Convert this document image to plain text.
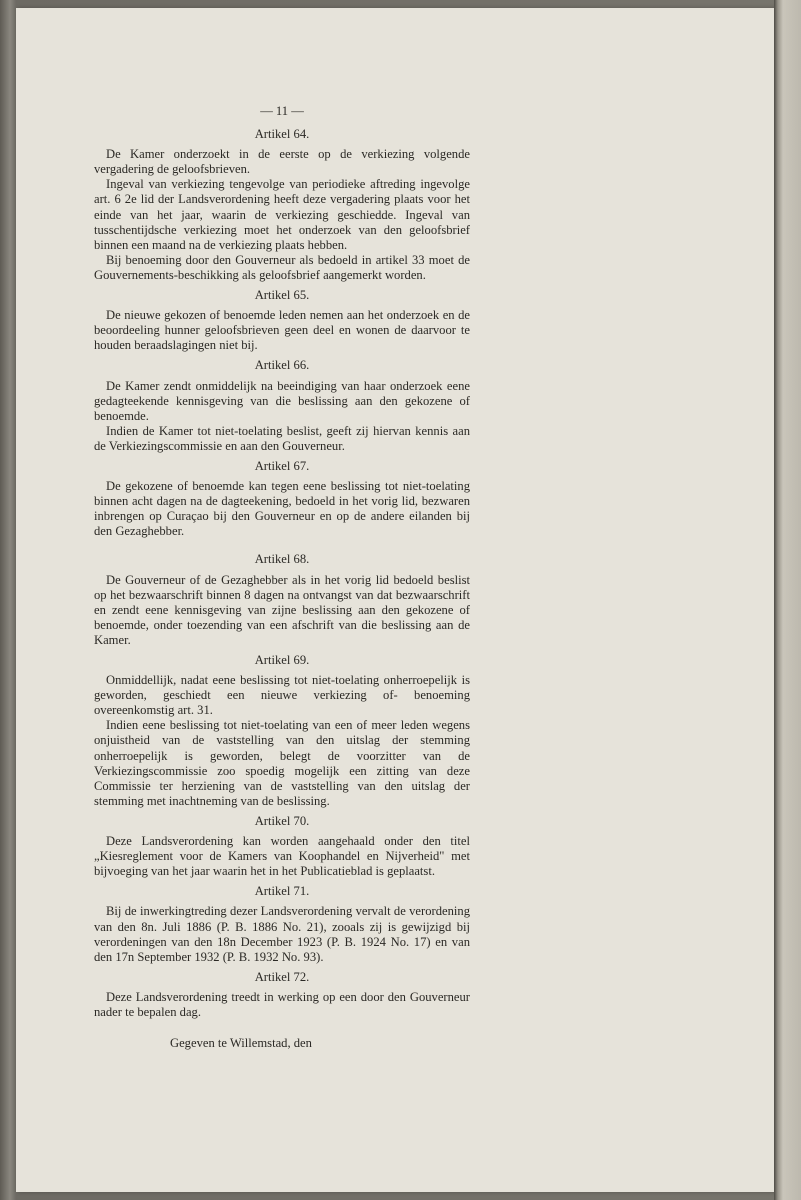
— 11 —
Artikel 64.

De Kamer onderzoekt in de eerste op de verkiezing volgende vergadering de geloofsbrieven.

Ingeval van verkiezing tengevolge van periodieke aftreding ingevolge art. 6 2e lid der Landsverordening heeft deze vergadering plaats voor het einde van het jaar, waarin de verkiezing geschiedde. Ingeval van tusschentijdsche verkiezing moet het onderzoek van den geloofsbrief binnen een maand na de verkiezing plaats hebben.

Bij benoeming door den Gouverneur als bedoeld in artikel 33 moet de Gouvernements-beschikking als geloofsbrief aangemerkt worden.

Artikel 65.

De nieuwe gekozen of benoemde leden nemen aan het onderzoek en de beoordeeling hunner geloofsbrieven geen deel en wonen de daarvoor te houden beraadslagingen niet bij.

Artikel 66.

De Kamer zendt onmiddelijk na beeindiging van haar onderzoek eene gedagteekende kennisgeving van die beslissing aan den gekozene of benoemde.

Indien de Kamer tot niet-toelating beslist, geeft zij hiervan kennis aan de Verkiezingscommissie en aan den Gouverneur.

Artikel 67.

De gekozene of benoemde kan tegen eene beslissing tot niet-toelating binnen acht dagen na de dagteekening, bedoeld in het vorig lid, bezwaren inbrengen op Curaçao bij den Gouverneur en op de andere eilanden bij den Gezaghebber.

Artikel 68.

De Gouverneur of de Gezaghebber als in het vorig lid bedoeld beslist op het bezwaarschrift binnen 8 dagen na ontvangst van dat bezwaarschrift en zendt eene kennisgeving van zijne beslissing aan den gekozene of benoemde, onder toezending van een afschrift van die beslissing aan de Kamer.

Artikel 69.

Onmiddellijk, nadat eene beslissing tot niet-toelating onherroepelijk is geworden, geschiedt een nieuwe verkiezing of- benoeming overeenkomstig art. 31.

Indien eene beslissing tot niet-toelating van een of meer leden wegens onjuistheid van de vaststelling van den uitslag der stemming onherroepelijk is geworden, belegt de voorzitter van de Verkiezingscommissie zoo spoedig mogelijk een zitting van deze Commissie ter herziening van de vaststelling van den uitslag der stemming met inachtneming van de beslissing.

Artikel 70.

Deze Landsverordening kan worden aangehaald onder den titel „Kiesreglement voor de Kamers van Koophandel en Nijverheid" met bijvoeging van het jaar waarin het in het Publicatieblad is geplaatst.

Artikel 71.

Bij de inwerkingtreding dezer Landsverordening vervalt de verordening van den 8n. Juli 1886 (P. B. 1886 No. 21), zooals zij is gewijzigd bij verordeningen van den 18n December 1923 (P. B. 1924 No. 17) en van den 17n September 1932 (P. B. 1932 No. 93).

Artikel 72.

Deze Landsverordening treedt in werking op een door den Gouverneur nader te bepalen dag.

Gegeven te Willemstad, den
